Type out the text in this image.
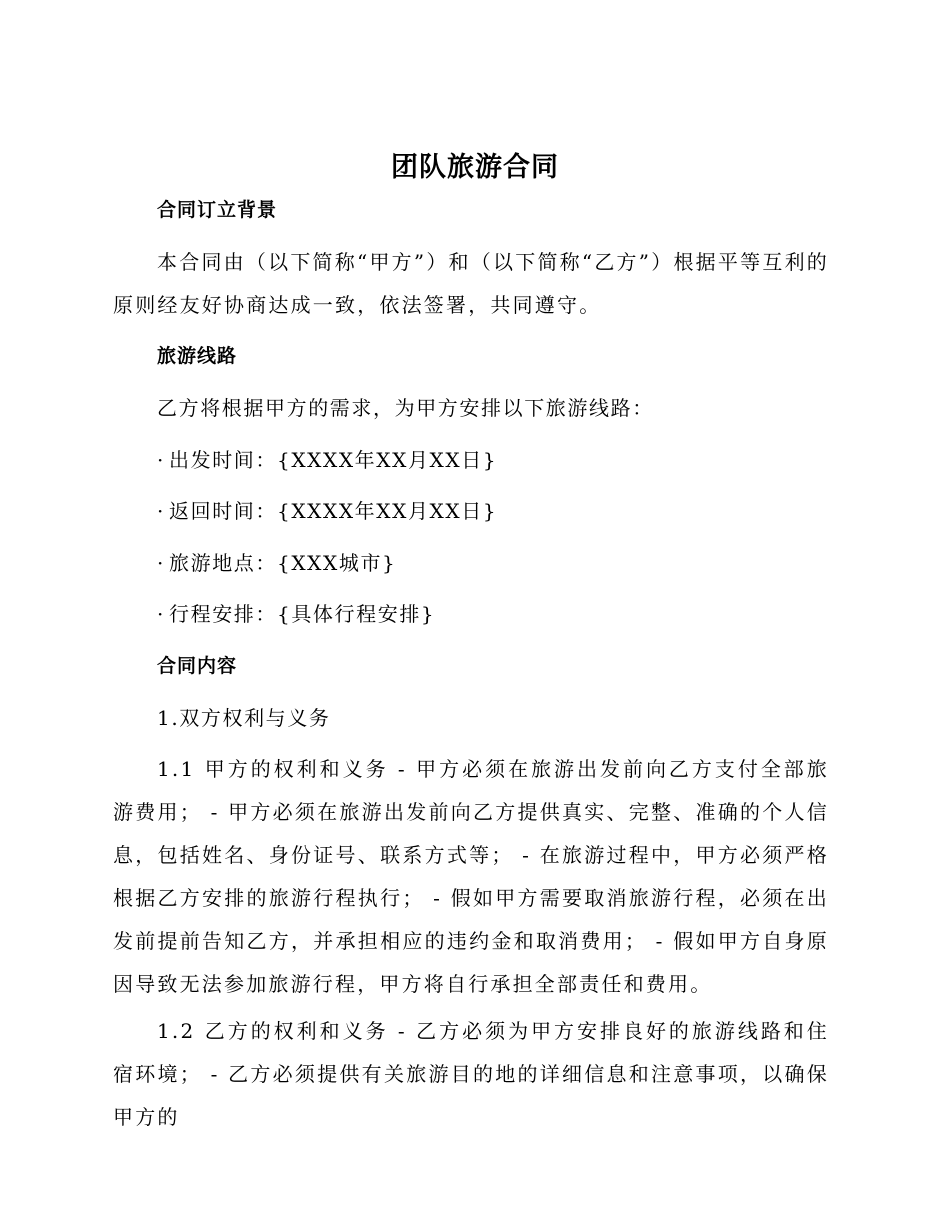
团队旅游合同
合同订立背景
本合同由（以下简称“甲方”）和（以下简称“乙方”）根据平等互利的原则经友好协商达成一致，依法签署，共同遵守。
旅游线路
乙方将根据甲方的需求，为甲方安排以下旅游线路：
· 出发时间：{XXXX年XX月XX日}
· 返回时间：{XXXX年XX月XX日}
· 旅游地点：{XXX城市}
· 行程安排：{具体行程安排}
合同内容
1.双方权利与义务
1.1 甲方的权利和义务 - 甲方必须在旅游出发前向乙方支付全部旅游费用； - 甲方必须在旅游出发前向乙方提供真实、完整、准确的个人信息，包括姓名、身份证号、联系方式等； - 在旅游过程中，甲方必须严格根据乙方安排的旅游行程执行； - 假如甲方需要取消旅游行程，必须在出发前提前告知乙方，并承担相应的违约金和取消费用； - 假如甲方自身原因导致无法参加旅游行程，甲方将自行承担全部责任和费用。
1.2 乙方的权利和义务 - 乙方必须为甲方安排良好的旅游线路和住宿环境； - 乙方必须提供有关旅游目的地的详细信息和注意事项，以确保甲方的
